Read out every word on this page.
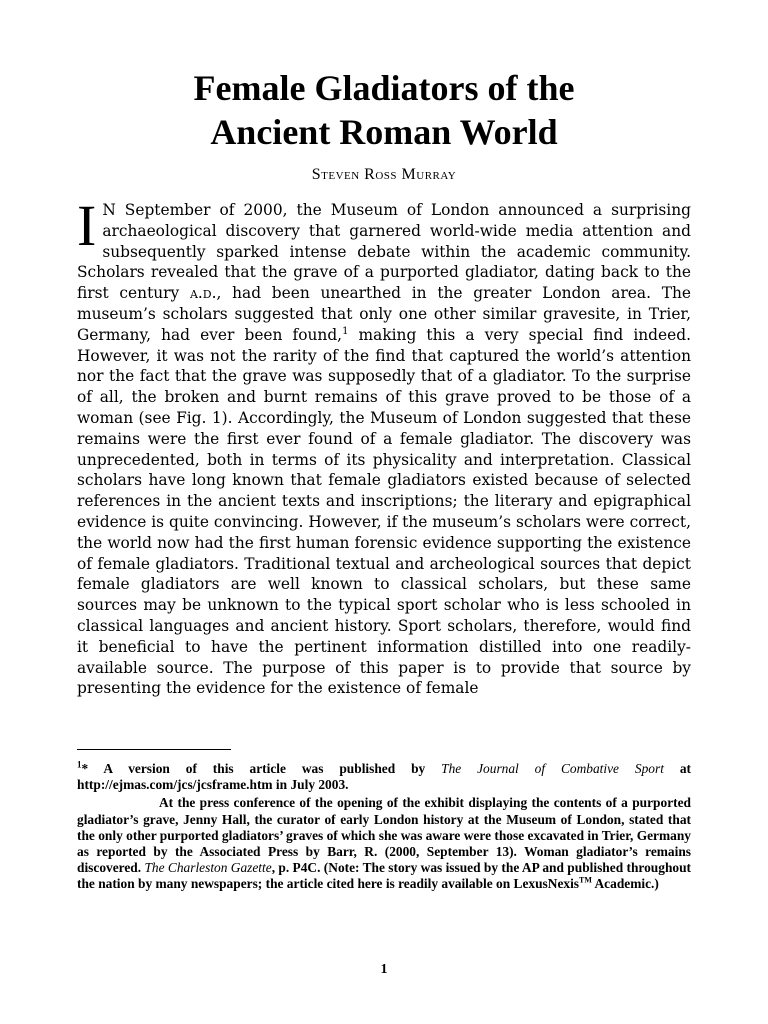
Female Gladiators of the
Ancient Roman World
Steven Ross Murray

I N September of 2000, the Museum of London announced a surprising archaeological discovery that garnered world-wide media attention and subsequently sparked intense debate within the academic community. Scholars revealed that the grave of a purported gladiator, dating back to the first century a.d., had been unearthed in the greater London area. The museum’s scholars suggested that only one other similar gravesite, in Trier, Germany, had ever been found,$^1$ making this a very special find indeed. However, it was not the rarity of the find that captured the world’s attention nor the fact that the grave was supposedly that of a gladiator. To the surprise of all, the broken and burnt remains of this grave proved to be those of a woman (see Fig. 1). Accordingly, the Museum of London suggested that these remains were the first ever found of a female gladiator. The discovery was unprecedented, both in terms of its physicality and interpretation. Classical scholars have long known that female gladiators existed because of selected references in the ancient texts and inscriptions; the literary and epigraphical evidence is quite convincing. However, if the museum’s scholars were correct, the world now had the first human forensic evidence supporting the existence of female gladiators. Traditional textual and archeological sources that depict female gladiators are well known to classical scholars, but these same sources may be unknown to the typical sport scholar who is less schooled in classical languages and ancient history. Sport scholars, therefore, would find it beneficial to have the pertinent information distilled into one readily-available source. The purpose of this paper is to provide that source by presenting the evidence for the existence of female

$^1$* A version of this article was published by The Journal of Combative Sport at http://ejmas.com/jcs/jcsframe.htm in July 2003.

At the press conference of the opening of the exhibit displaying the contents of a purported gladiator’s grave, Jenny Hall, the curator of early London history at the Museum of London, stated that the only other purported gladiators’ graves of which she was aware were those excavated in Trier, Germany as reported by the Associated Press by Barr, R. (2000, September 13). Woman gladiator’s remains discovered. The Charleston Gazette, p. P4C. (Note: The story was issued by the AP and published throughout the nation by many newspapers; the article cited here is readily available on LexusNexis™ Academic.)

1
